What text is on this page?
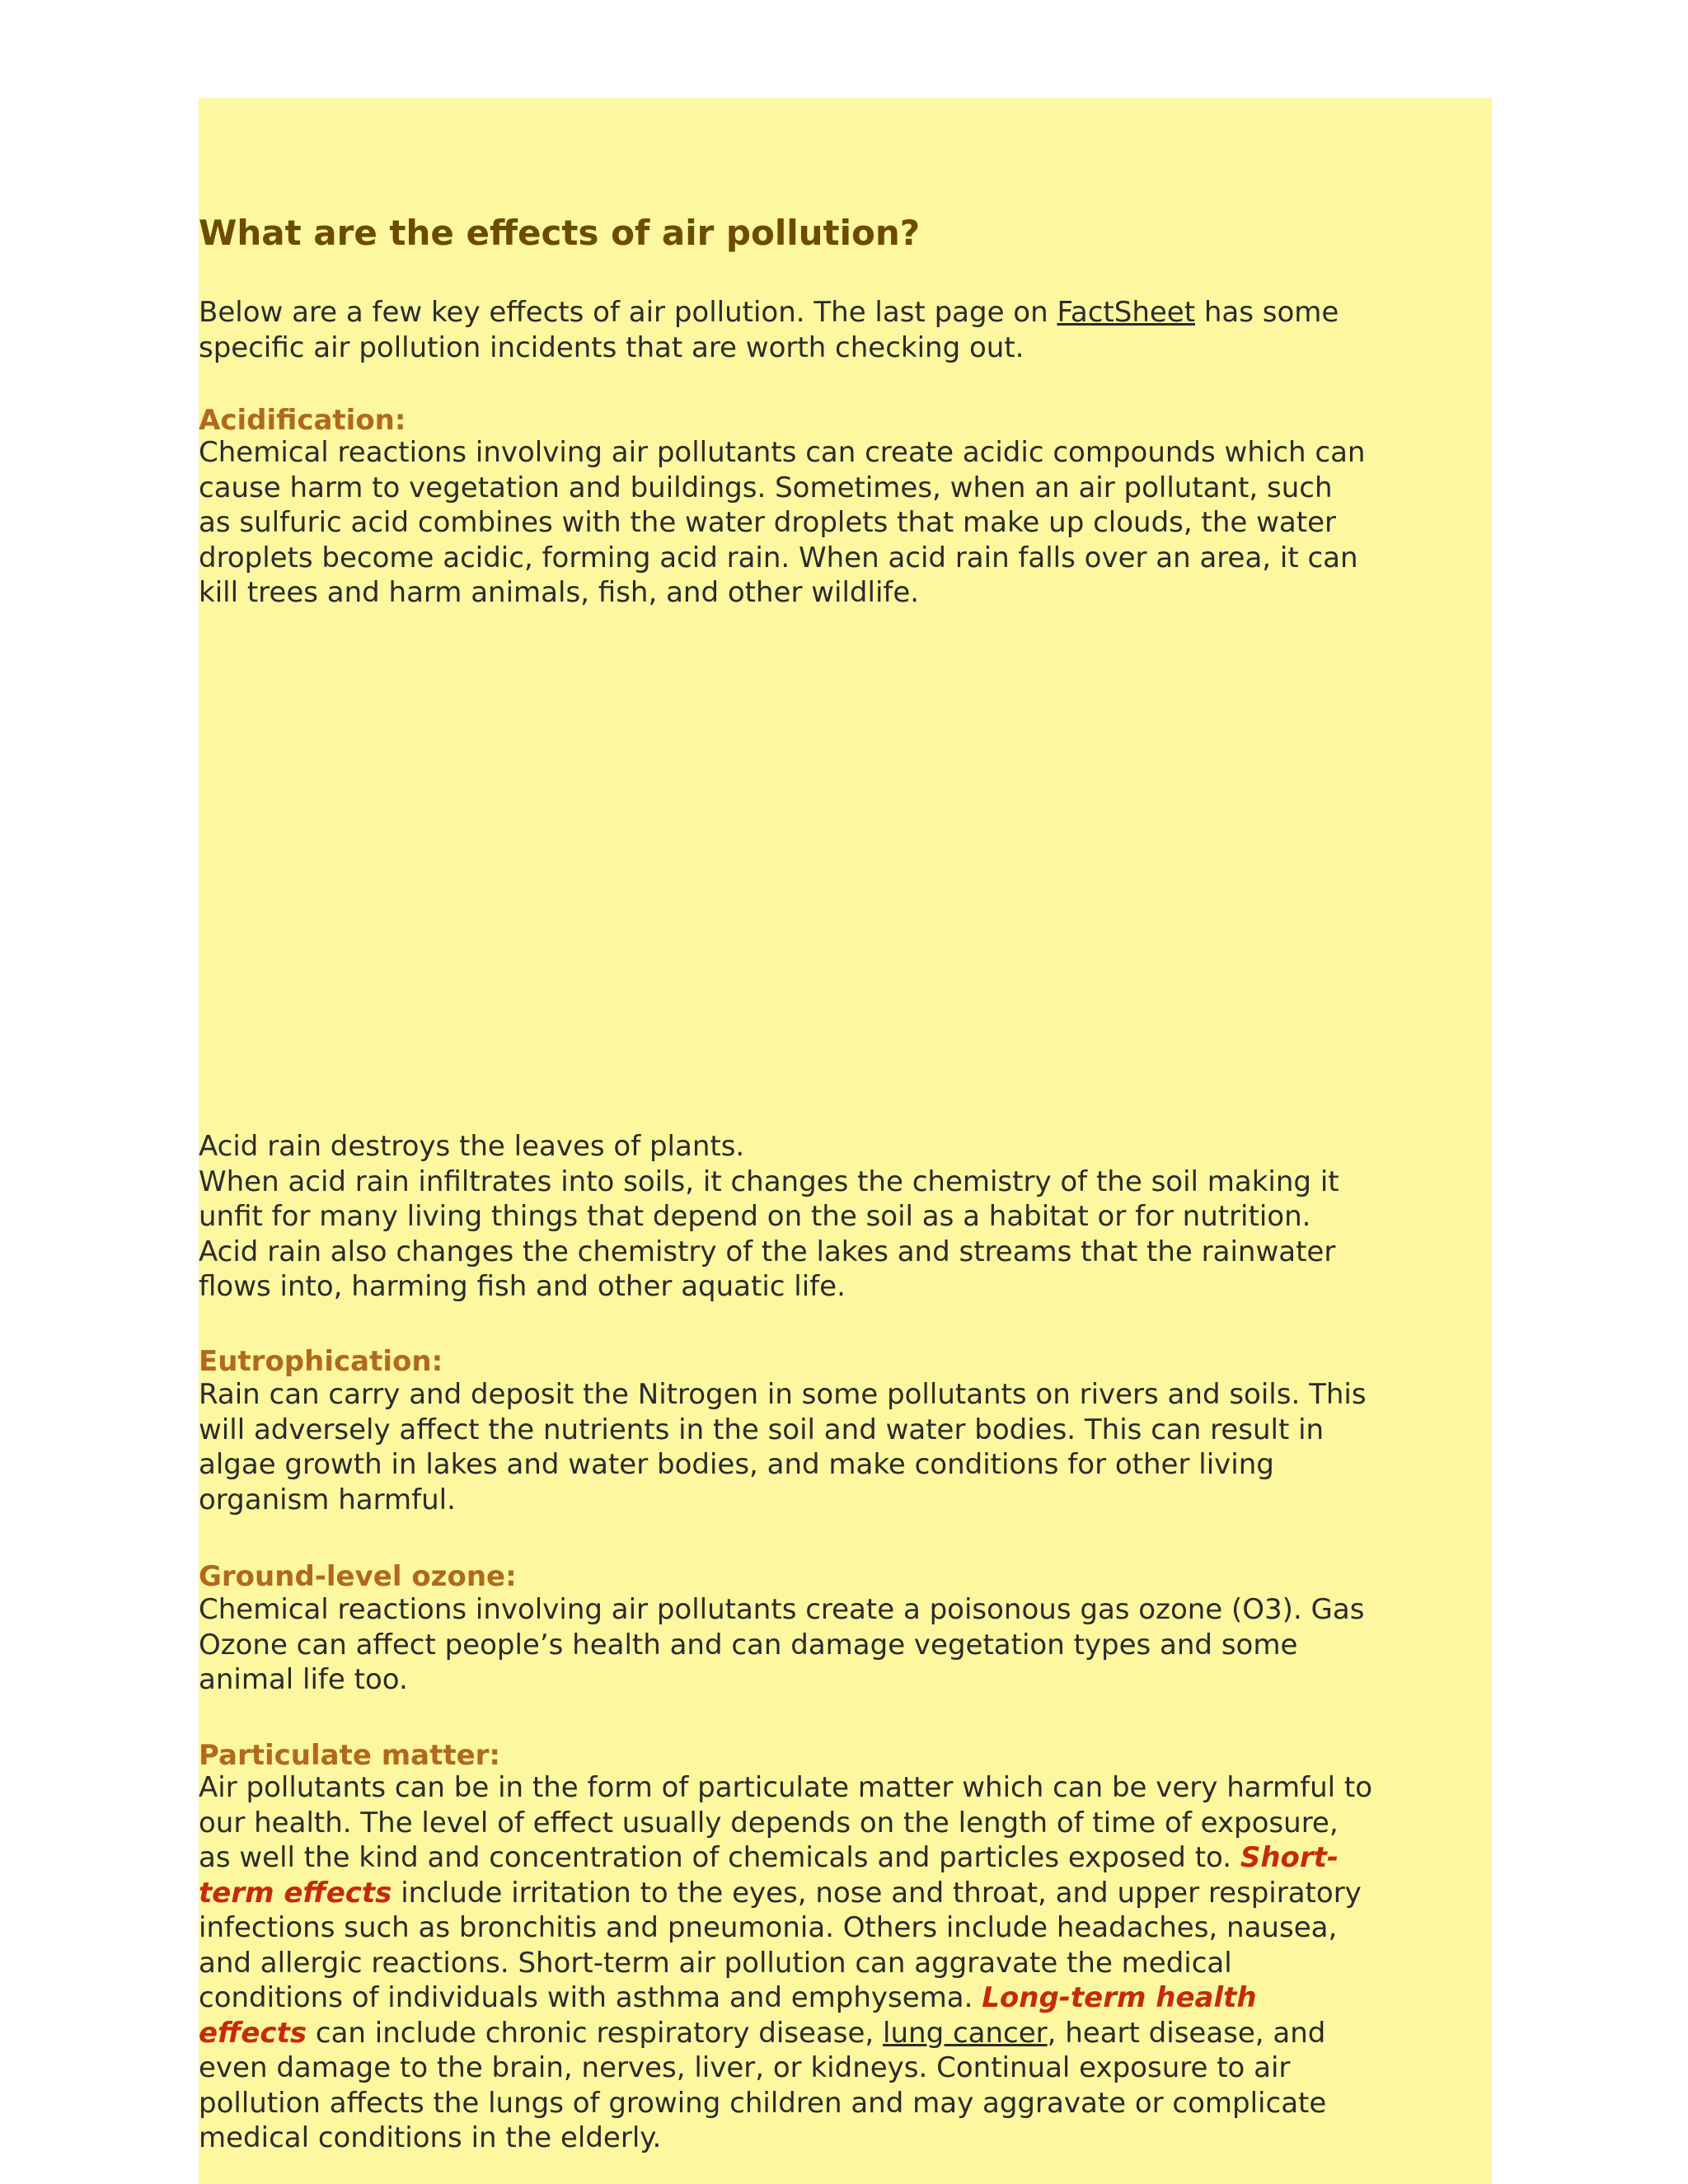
What are the effects of air pollution?

Below are a few key effects of air pollution. The last page on FactSheet has some
specific air pollution incidents that are worth checking out.

Acidification:

Chemical reactions involving air pollutants can create acidic compounds which can
cause harm to vegetation and buildings. Sometimes, when an air pollutant, such
as sulfuric acid combines with the water droplets that make up clouds, the water
droplets become acidic, forming acid rain. When acid rain falls over an area, it can
kill trees and harm animals, fish, and other wildlife.

Acid rain destroys the leaves of plants.
When acid rain infiltrates into soils, it changes the chemistry of the soil making it
unfit for many living things that depend on the soil as a habitat or for nutrition.
Acid rain also changes the chemistry of the lakes and streams that the rainwater
flows into, harming fish and other aquatic life.

Eutrophication:

Rain can carry and deposit the Nitrogen in some pollutants on rivers and soils. This
will adversely affect the nutrients in the soil and water bodies. This can result in
algae growth in lakes and water bodies, and make conditions for other living
organism harmful.

Ground-level ozone:

Chemical reactions involving air pollutants create a poisonous gas ozone (O3). Gas
Ozone can affect people’s health and can damage vegetation types and some
animal life too.

Particulate matter:

Air pollutants can be in the form of particulate matter which can be very harmful to
our health. The level of effect usually depends on the length of time of exposure,
as well the kind and concentration of chemicals and particles exposed to. Short-
term effects include irritation to the eyes, nose and throat, and upper respiratory
infections such as bronchitis and pneumonia. Others include headaches, nausea,
and allergic reactions. Short-term air pollution can aggravate the medical
conditions of individuals with asthma and emphysema. Long-term health
effects can include chronic respiratory disease, lung cancer, heart disease, and
even damage to the brain, nerves, liver, or kidneys. Continual exposure to air
pollution affects the lungs of growing children and may aggravate or complicate
medical conditions in the elderly.
